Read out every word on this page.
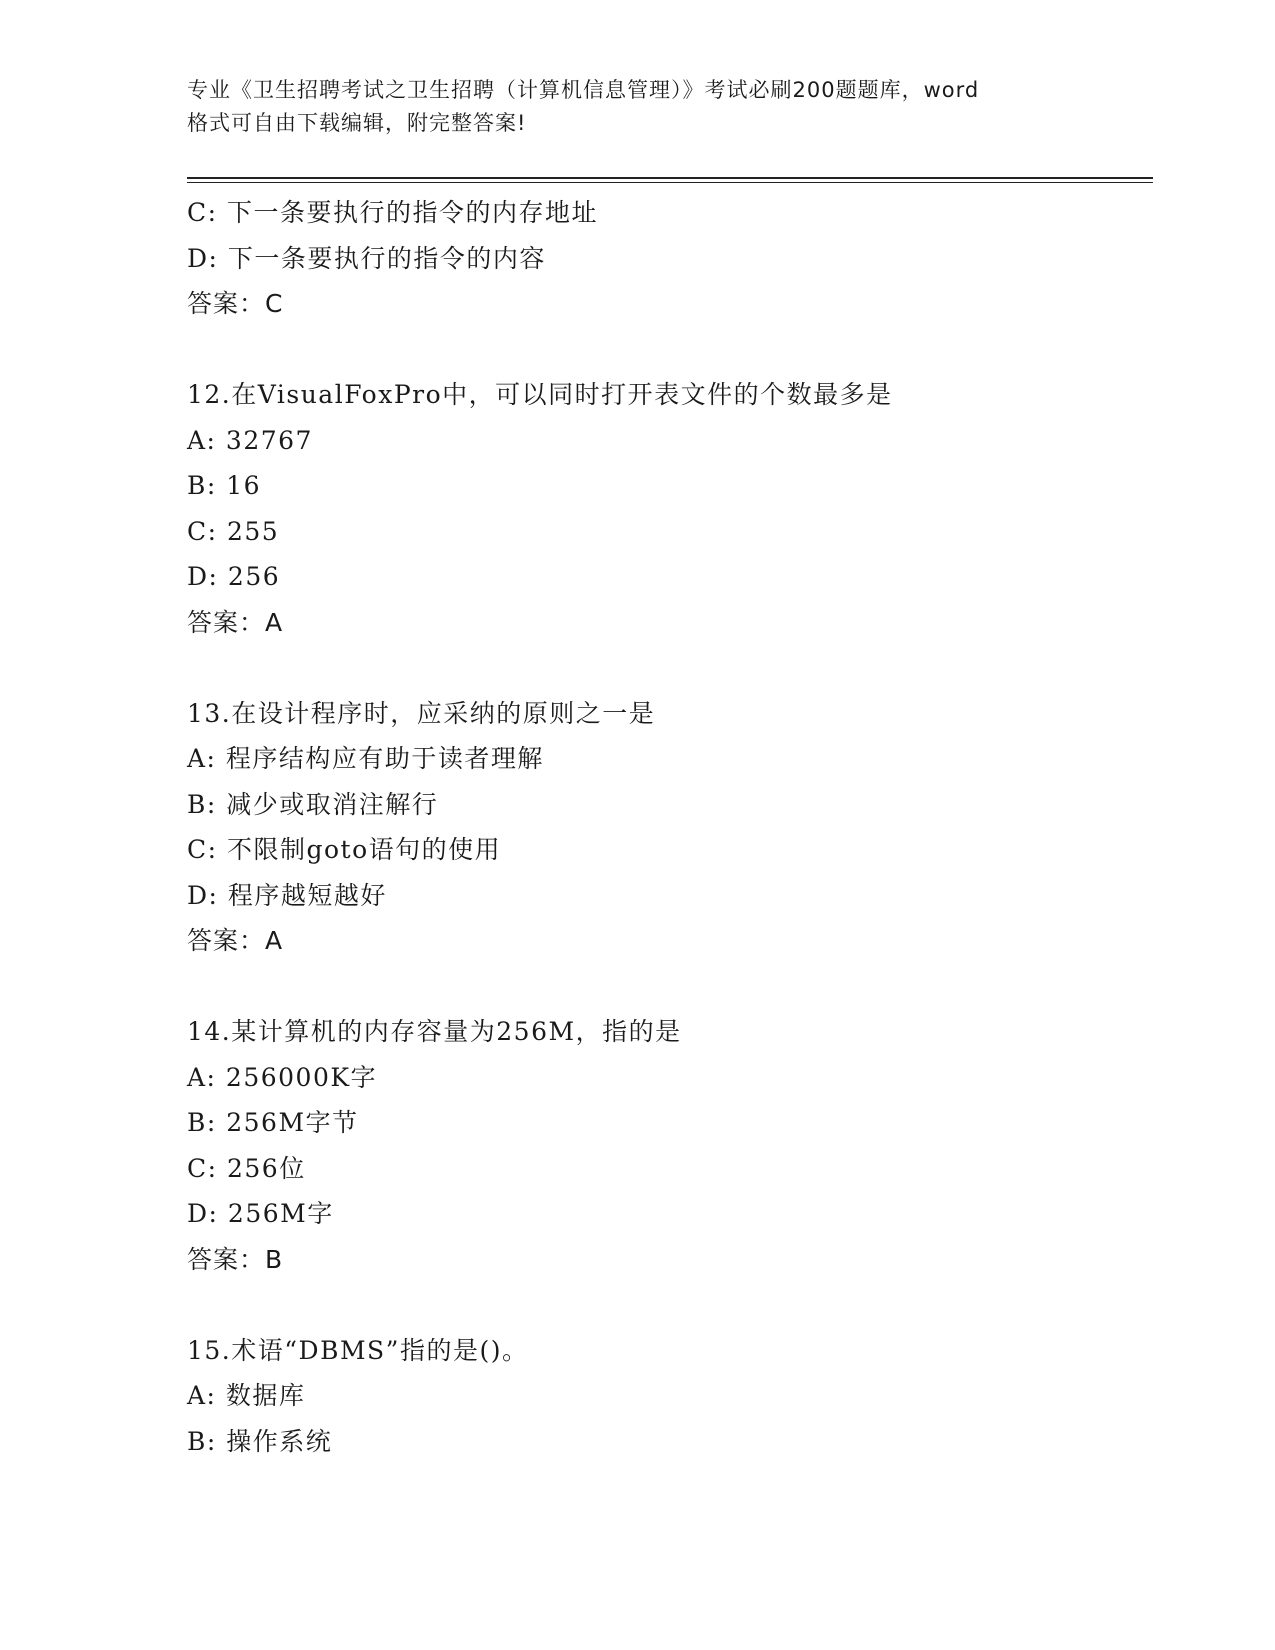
专业《卫生招聘考试之卫生招聘（计算机信息管理）》考试必刷200题题库，word
格式可自由下载编辑，附完整答案!
C: 下一条要执行的指令的内存地址
D: 下一条要执行的指令的内容
答案：C
12.在VisualFoxPro中，可以同时打开表文件的个数最多是
A: 32767
B: 16
C: 255
D: 256
答案：A
13.在设计程序时，应采纳的原则之一是
A: 程序结构应有助于读者理解
B: 减少或取消注解行
C: 不限制goto语句的使用
D: 程序越短越好
答案：A
14.某计算机的内存容量为256M，指的是
A: 256000K字
B: 256M字节
C: 256位
D: 256M字
答案：B
15.术语“DBMS”指的是()。
A: 数据库
B: 操作系统
